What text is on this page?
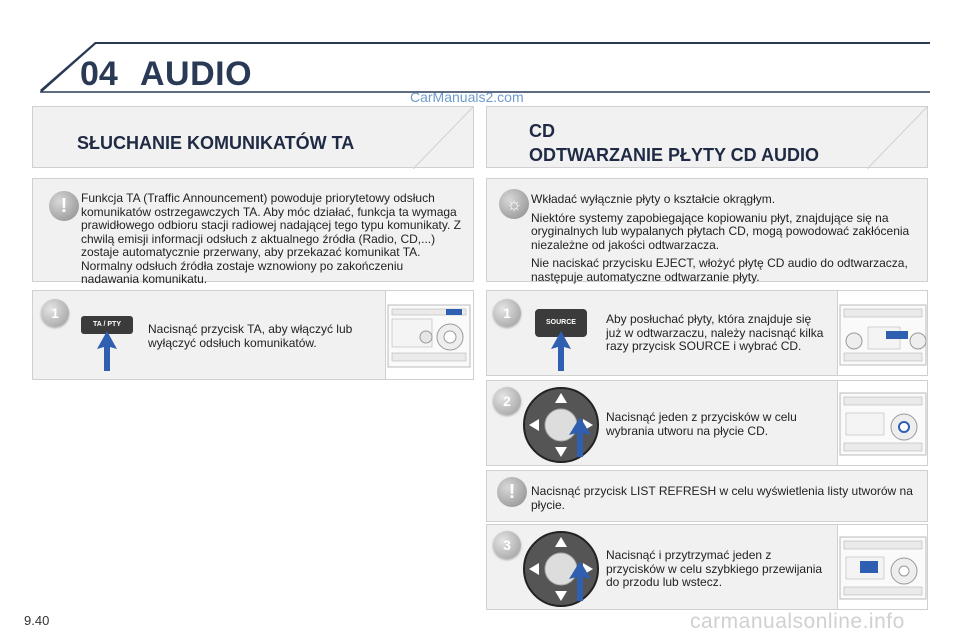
04 AUDIO
CarManuals2.com
SŁUCHANIE KOMUNIKATÓW TA
!	Funkcja TA (Traffic Announcement) powoduje priorytetowy odsłuch komunikatów ostrzegawczych TA. Aby móc działać, funkcja ta wymaga prawidłowego odbioru stacji radiowej nadającej tego typu komunikaty. Z chwilą emisji informacji odsłuch z aktualnego źródła (Radio, CD,...) zostaje automatycznie przerwany, aby przekazać komunikat TA. Normalny odsłuch źródła zostaje wznowiony po zakończeniu nadawania komunikatu.
1
TA / PTY	Nacisnąć przycisk TA, aby włączyć lub wyłączyć odsłuch komunikatów.
CD
ODTWARZANIE PŁYTY CD AUDIO
☼ Wkładać wyłącznie płyty o kształcie okrągłym.

Niektóre systemy zapobiegające kopiowaniu płyt, znajdujące się na oryginalnych lub wypalanych płytach CD, mogą powodować zakłócenia niezależne od jakości odtwarzacza.

Nie naciskać przycisku EJECT, włożyć płytę CD audio do odtwarzacza, następuje automatyczne odtwarzanie płyty.

1
SOURCE	Aby posłuchać płyty, która znajduje się już w odtwarzaczu, należy nacisnąć kilka razy przycisk SOURCE i wybrać CD.
2
Nacisnąć jeden z przycisków w celu wybrania utworu na płycie CD.
!	Nacisnąć przycisk LIST REFRESH w celu wyświetlenia listy utworów na płycie.
3
Nacisnąć i przytrzymać jeden z przycisków w celu szybkiego przewijania do przodu lub wstecz.
9.40	carmanualsonline.info
